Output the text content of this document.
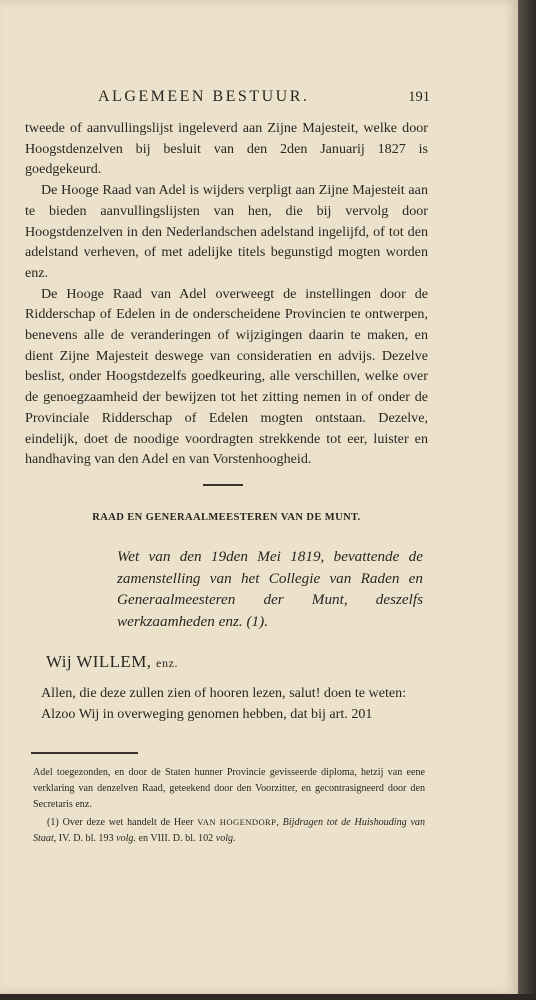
ALGEMEEN BESTUUR.	191

tweede of aanvullingslijst ingeleverd aan Zijne Majesteit, welke door Hoogstdenzelven bij besluit van den 2den Januarij 1827 is goedgekeurd.

De Hooge Raad van Adel is wijders verpligt aan Zijne Majesteit aan te bieden aanvullingslijsten van hen, die bij vervolg door Hoogstdenzelven in den Nederlandschen adelstand ingelijfd, of tot den adelstand verheven, of met adelijke titels begunstigd mogten worden enz.

De Hooge Raad van Adel overweegt de instellingen door de Ridderschap of Edelen in de onderscheidene Provincien te ontwerpen, benevens alle de veranderingen of wijzigingen daarin te maken, en dient Zijne Majesteit deswege van consideratien en advijs. Dezelve beslist, onder Hoogstdezelfs goedkeuring, alle verschillen, welke over de genoegzaamheid der bewijzen tot het zitting nemen in of onder de Provinciale Ridderschap of Edelen mogten ontstaan. Dezelve, eindelijk, doet de noodige voordragten strekkende tot eer, luister en handhaving van den Adel en van Vorstenhoogheid.

RAAD EN GENERAALMEESTEREN VAN DE MUNT.
Wet van den 19den Mei 1819, bevattende de zamenstelling van het Collegie van Raden en Generaalmeesteren der Munt, deszelfs werkzaamheden enz. (1).
Wij WILLEM, enz.

Allen, die deze zullen zien of hooren lezen, salut! doen te weten:

Alzoo Wij in overweging genomen hebben, dat bij art. 201

Adel toegezonden, en door de Staten hunner Provincie gevisseerde diploma, hetzij van eene verklaring van denzelven Raad, geteekend door den Voorzitter, en gecontrasigneerd door den Secretaris enz.

(1) Over deze wet handelt de Heer VAN HOGENDORP, Bijdragen tot de Huishouding van Staat, IV. D. bl. 193 volg. en VIII. D. bl. 102 volg.
